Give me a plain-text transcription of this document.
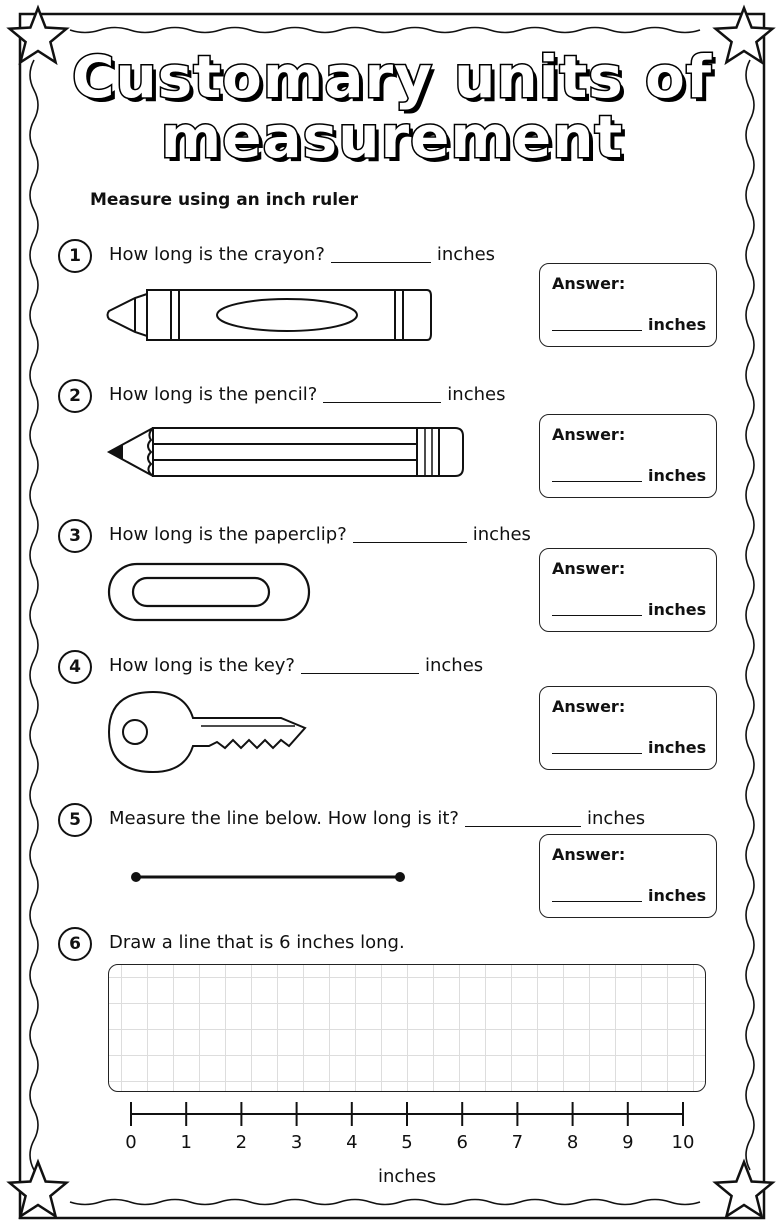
Customary units of
measurement
Measure using an inch ruler
1	How long is the crayon?	inches
Answer:
inches
2	How long is the pencil?	inches
Answer:
inches
3	How long is the paperclip?	inches
Answer:
inches
4	How long is the key?	inches
Answer:
inches
5	Measure the line below. How long is it?	inches
Answer:
inches
6	Draw a line that is 6 inches long.
0	1	2	3	4	5	6	7	8	9	10
inches
